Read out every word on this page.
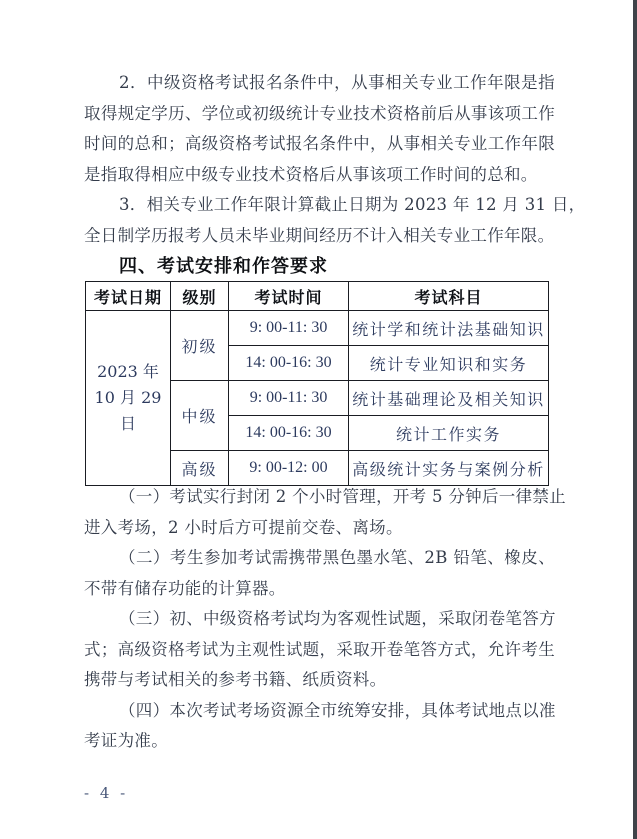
2．中级资格考试报名条件中，从事相关专业工作年限是指
取得规定学历、学位或初级统计专业技术资格前后从事该项工作
时间的总和；高级资格考试报名条件中，从事相关专业工作年限
是指取得相应中级专业技术资格后从事该项工作时间的总和。
3．相关专业工作年限计算截止日期为 2023 年 12 月 31 日，
全日制学历报考人员未毕业期间经历不计入相关专业工作年限。
四、考试安排和作答要求
考试日期	级别	考试时间	考试科目

2023 年
10 月 29 日	初级	9: 00-11: 30	统计学和统计法基础知识
		14: 00-16: 30	统计专业知识和实务
	中级	9: 00-11: 30	统计基础理论及相关知识
		14: 00-16: 30	统计工作实务
	高级	9: 00-12: 00	高级统计实务与案例分析
（一）考试实行封闭 2 个小时管理，开考 5 分钟后一律禁止
进入考场，2 小时后方可提前交卷、离场。
（二）考生参加考试需携带黑色墨水笔、2B 铅笔、橡皮、
不带有储存功能的计算器。
（三）初、中级资格考试均为客观性试题，采取闭卷笔答方
式；高级资格考试为主观性试题，采取开卷笔答方式，允许考生
携带与考试相关的参考书籍、纸质资料。
（四）本次考试考场资源全市统筹安排，具体考试地点以准
考证为准。
- 4 -
